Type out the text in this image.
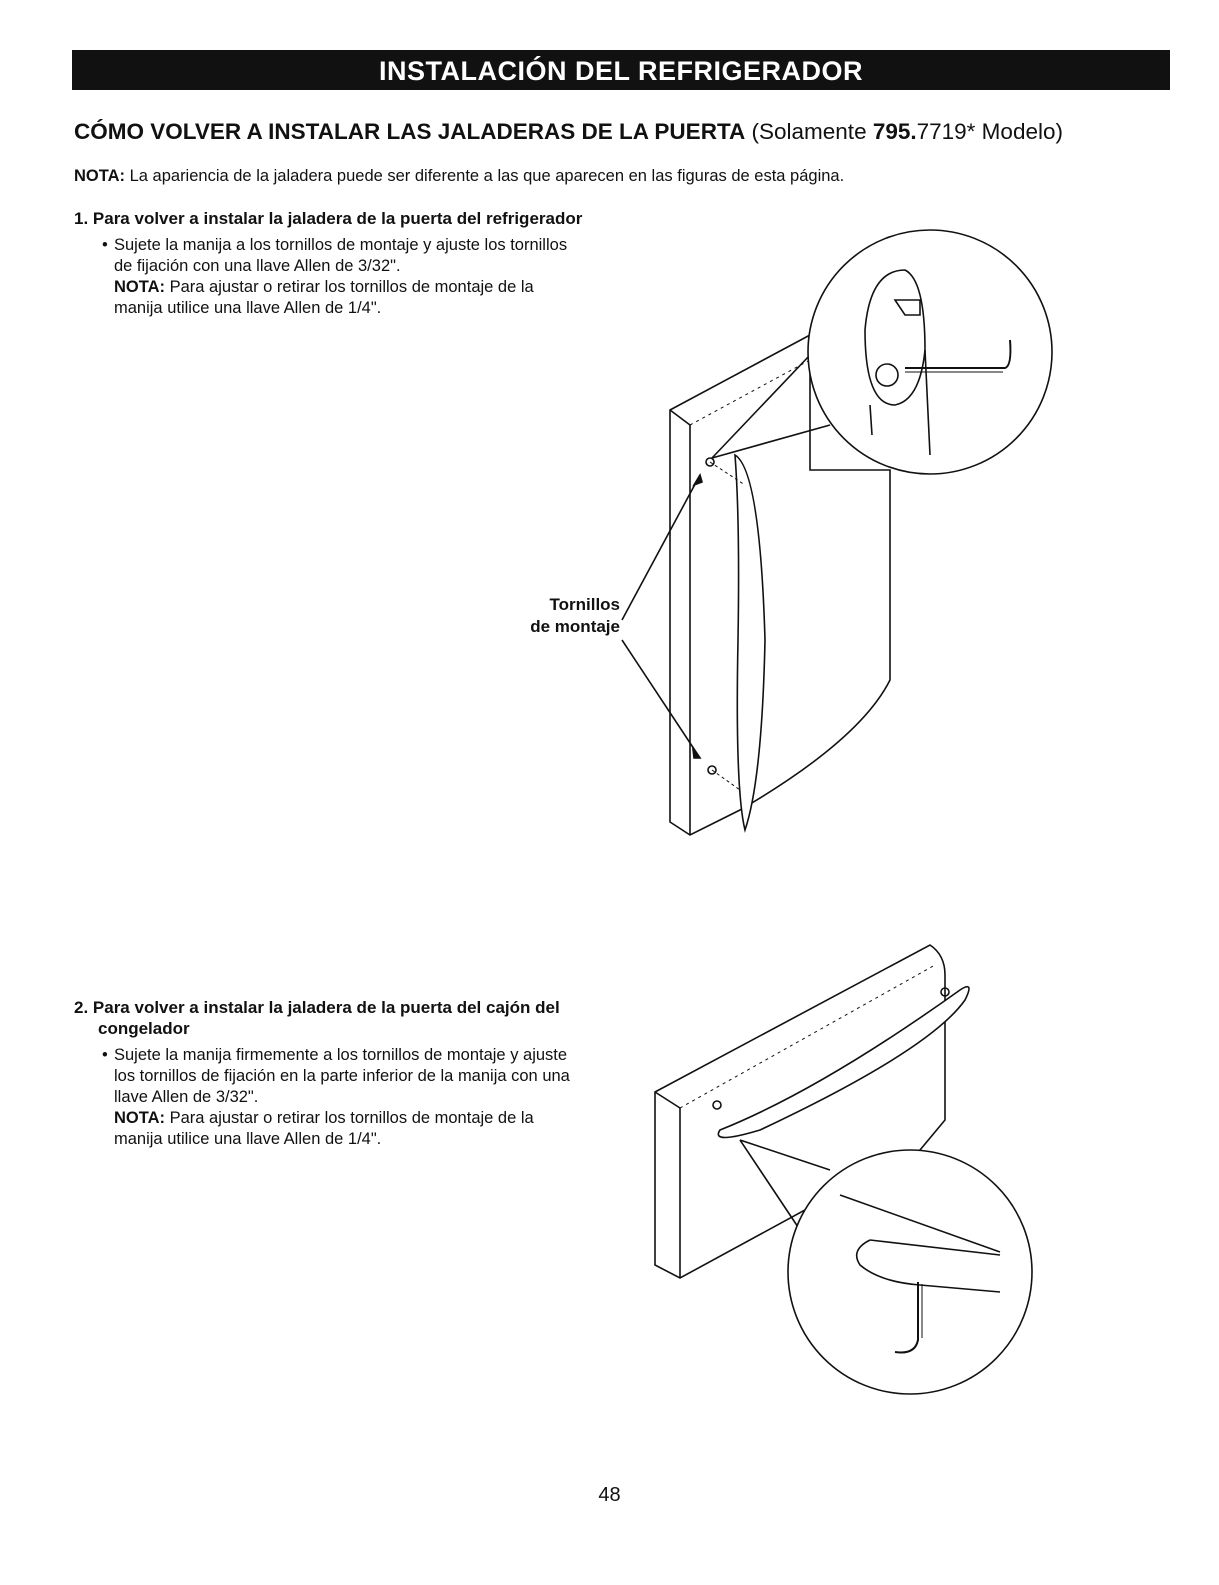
INSTALACIÓN DEL REFRIGERADOR
CÓMO VOLVER A INSTALAR LAS JALADERAS DE LA PUERTA (Solamente 795.7719* Modelo)
NOTA: La apariencia de la jaladera puede ser diferente a las que aparecen en las figuras de esta página.
1. Para volver a instalar la jaladera de la puerta del refrigerador
• Sujete la manija a los tornillos de montaje y ajuste los tornillos de fijación con una llave Allen de 3/32".
NOTA: Para ajustar o retirar los tornillos de montaje de la manija utilice una llave Allen de 1/4".
2. Para volver a instalar la jaladera de la puerta del cajón del congelador
• Sujete la manija firmemente a los tornillos de montaje y ajuste los tornillos de fijación en la parte inferior de la manija con una llave Allen de 3/32".
NOTA: Para ajustar o retirar los tornillos de montaje de la manija utilice una llave Allen de 1/4".
Tornillos
de montaje
48
